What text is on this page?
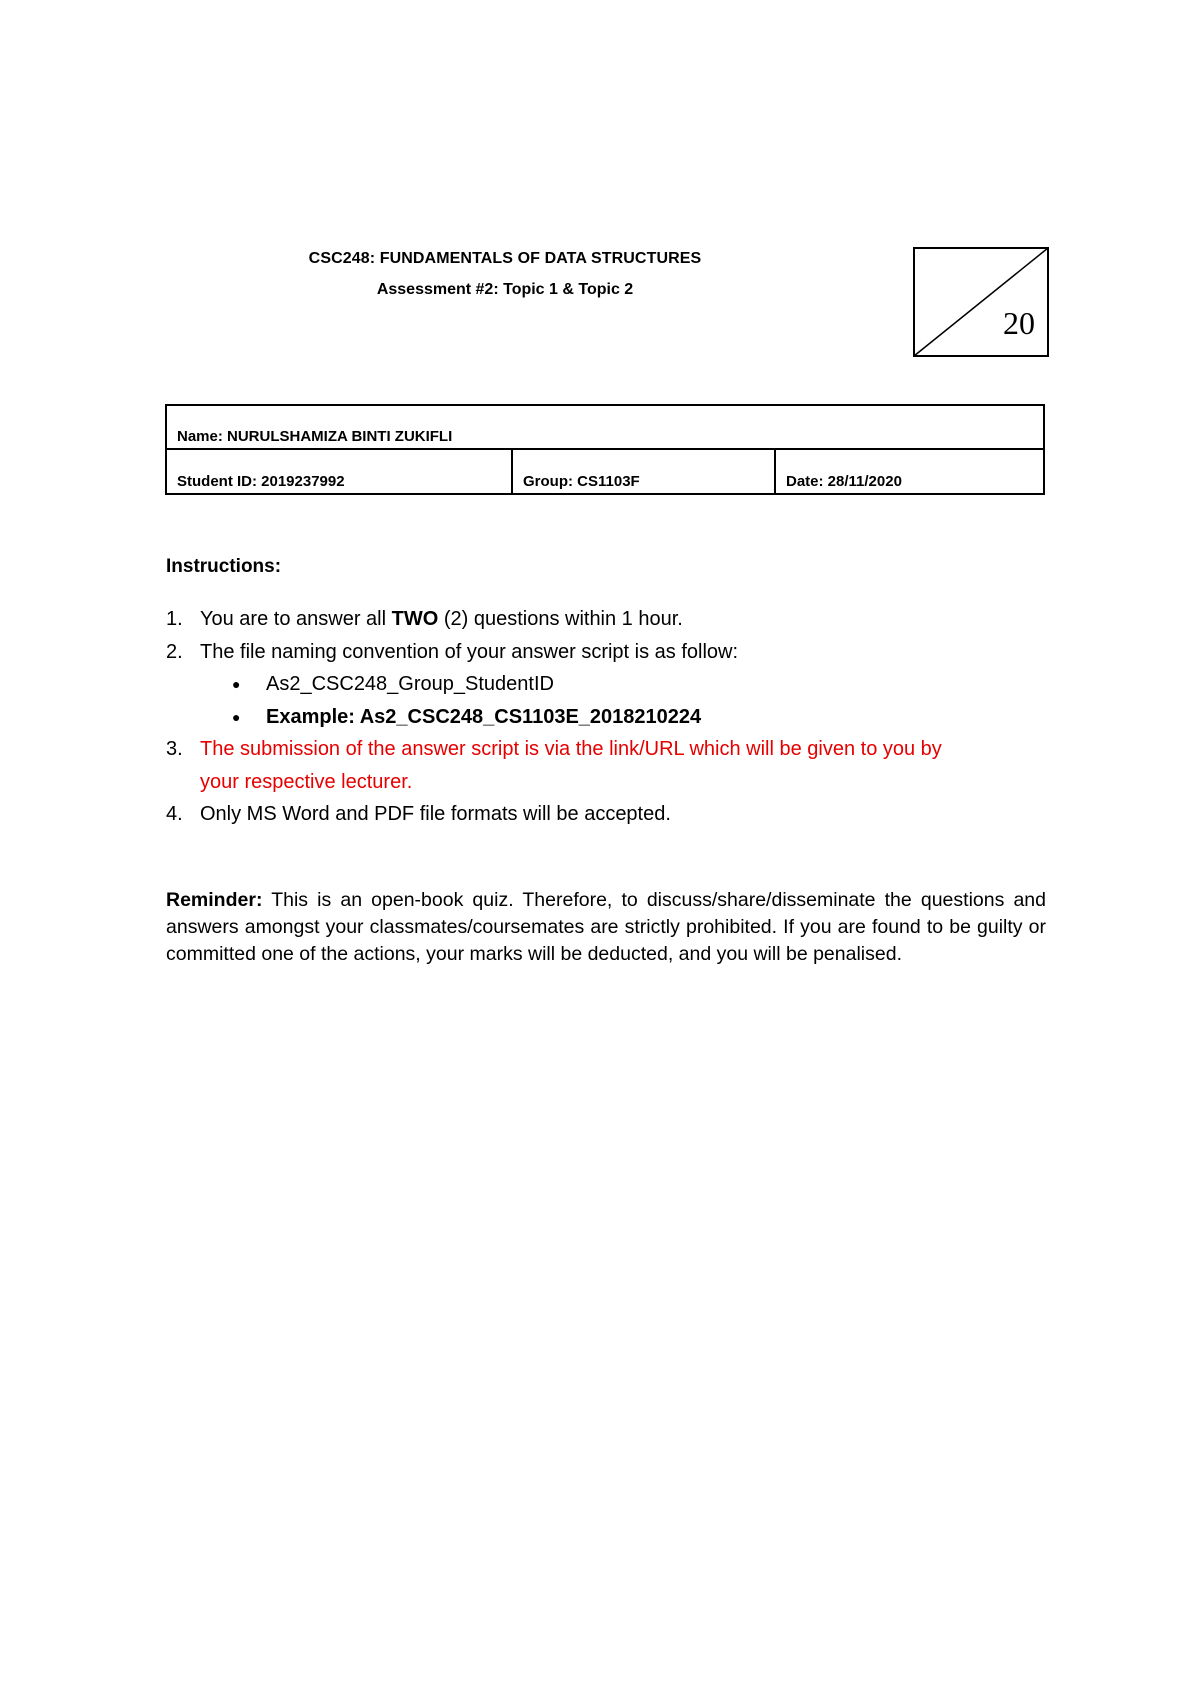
CSC248: FUNDAMENTALS OF DATA STRUCTURES
Assessment #2: Topic 1 & Topic 2
20
Name: NURULSHAMIZA BINTI ZUKIFLI
Student ID: 2019237992	Group: CS1103F	Date: 28/11/2020
Instructions:
1. You are to answer all TWO (2) questions within 1 hour.
2. The file naming convention of your answer script is as follow:
● As2_CSC248_Group_StudentID
● Example: As2_CSC248_CS1103E_2018210224
3. The submission of the answer script is via the link/URL which will be given to you by
your respective lecturer.
4. Only MS Word and PDF file formats will be accepted.
Reminder: This is an open-book quiz. Therefore, to discuss/share/disseminate the questions and answers amongst your classmates/coursemates are strictly prohibited. If you are found to be guilty or committed one of the actions, your marks will be deducted, and you will be penalised.
